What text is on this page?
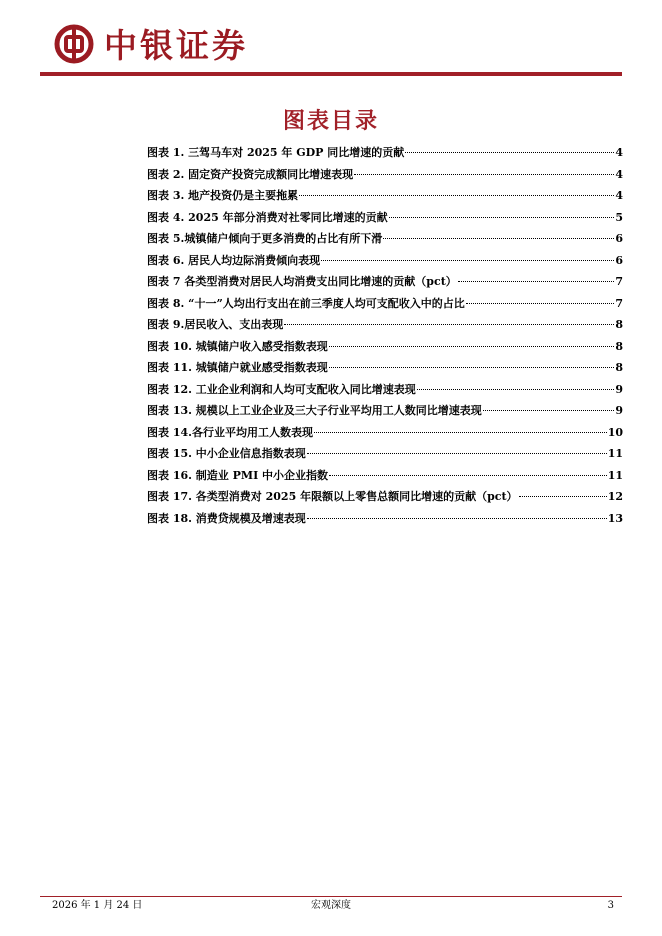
中银证券
图表目录
图表 1. 三驾马车对 2025 年 GDP 同比增速的贡献	4
图表 2. 固定资产投资完成额同比增速表现	4
图表 3. 地产投资仍是主要拖累	4
图表 4. 2025 年部分消费对社零同比增速的贡献	5
图表 5.城镇储户倾向于更多消费的占比有所下滑	6
图表 6. 居民人均边际消费倾向表现	6
图表 7 各类型消费对居民人均消费支出同比增速的贡献（pct）	7
图表 8. “十一”人均出行支出在前三季度人均可支配收入中的占比	7
图表 9.居民收入、支出表现	8
图表 10. 城镇储户收入感受指数表现	8
图表 11. 城镇储户就业感受指数表现	8
图表 12. 工业企业利润和人均可支配收入同比增速表现	9
图表 13. 规模以上工业企业及三大子行业平均用工人数同比增速表现	9
图表 14.各行业平均用工人数表现	10
图表 15. 中小企业信息指数表现	11
图表 16. 制造业 PMI 中小企业指数	11
图表 17. 各类型消费对 2025 年限额以上零售总额同比增速的贡献（pct）	12
图表 18. 消费贷规模及增速表现	13
2026 年 1 月 24 日	宏观深度	3
